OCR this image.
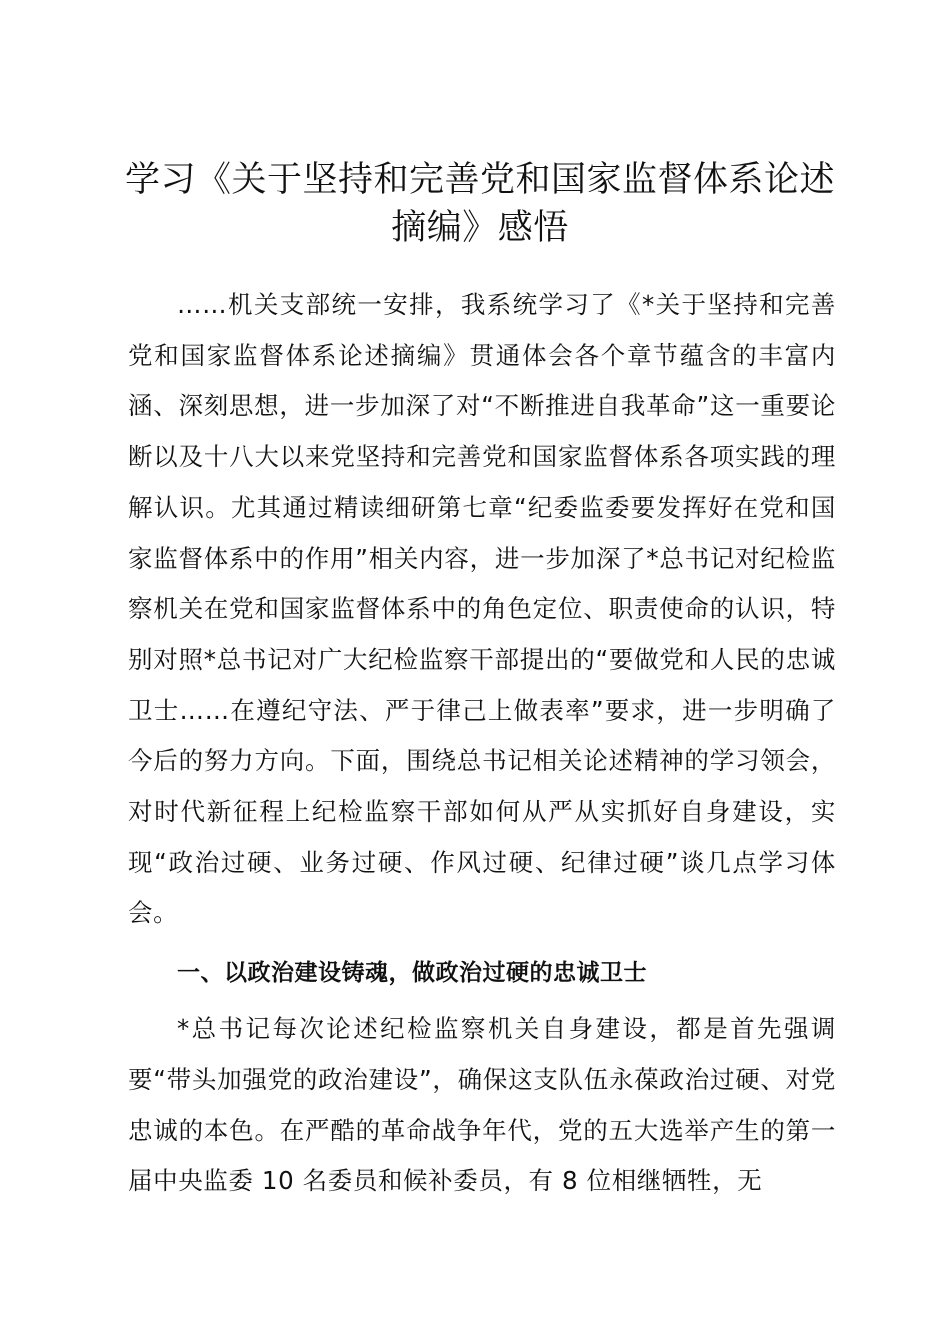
学习《关于坚持和完善党和国家监督体系论述
摘编》感悟

……机关支部统一安排，我系统学习了《*关于坚持和完善党和国家监督体系论述摘编》贯通体会各个章节蕴含的丰富内涵、深刻思想，进一步加深了对“不断推进自我革命”这一重要论断以及十八大以来党坚持和完善党和国家监督体系各项实践的理解认识。尤其通过精读细研第七章“纪委监委要发挥好在党和国家监督体系中的作用”相关内容，进一步加深了*总书记对纪检监察机关在党和国家监督体系中的角色定位、职责使命的认识，特别对照*总书记对广大纪检监察干部提出的“要做党和人民的忠诚卫士……在遵纪守法、严于律己上做表率”要求，进一步明确了今后的努力方向。下面，围绕总书记相关论述精神的学习领会，对时代新征程上纪检监察干部如何从严从实抓好自身建设，实现“政治过硬、业务过硬、作风过硬、纪律过硬”谈几点学习体会。

一、以政治建设铸魂，做政治过硬的忠诚卫士

*总书记每次论述纪检监察机关自身建设，都是首先强调要“带头加强党的政治建设”，确保这支队伍永葆政治过硬、对党忠诚的本色。在严酷的革命战争年代，党的五大选举产生的第一届中央监委 10 名委员和候补委员，有 8 位相继牺牲，无
